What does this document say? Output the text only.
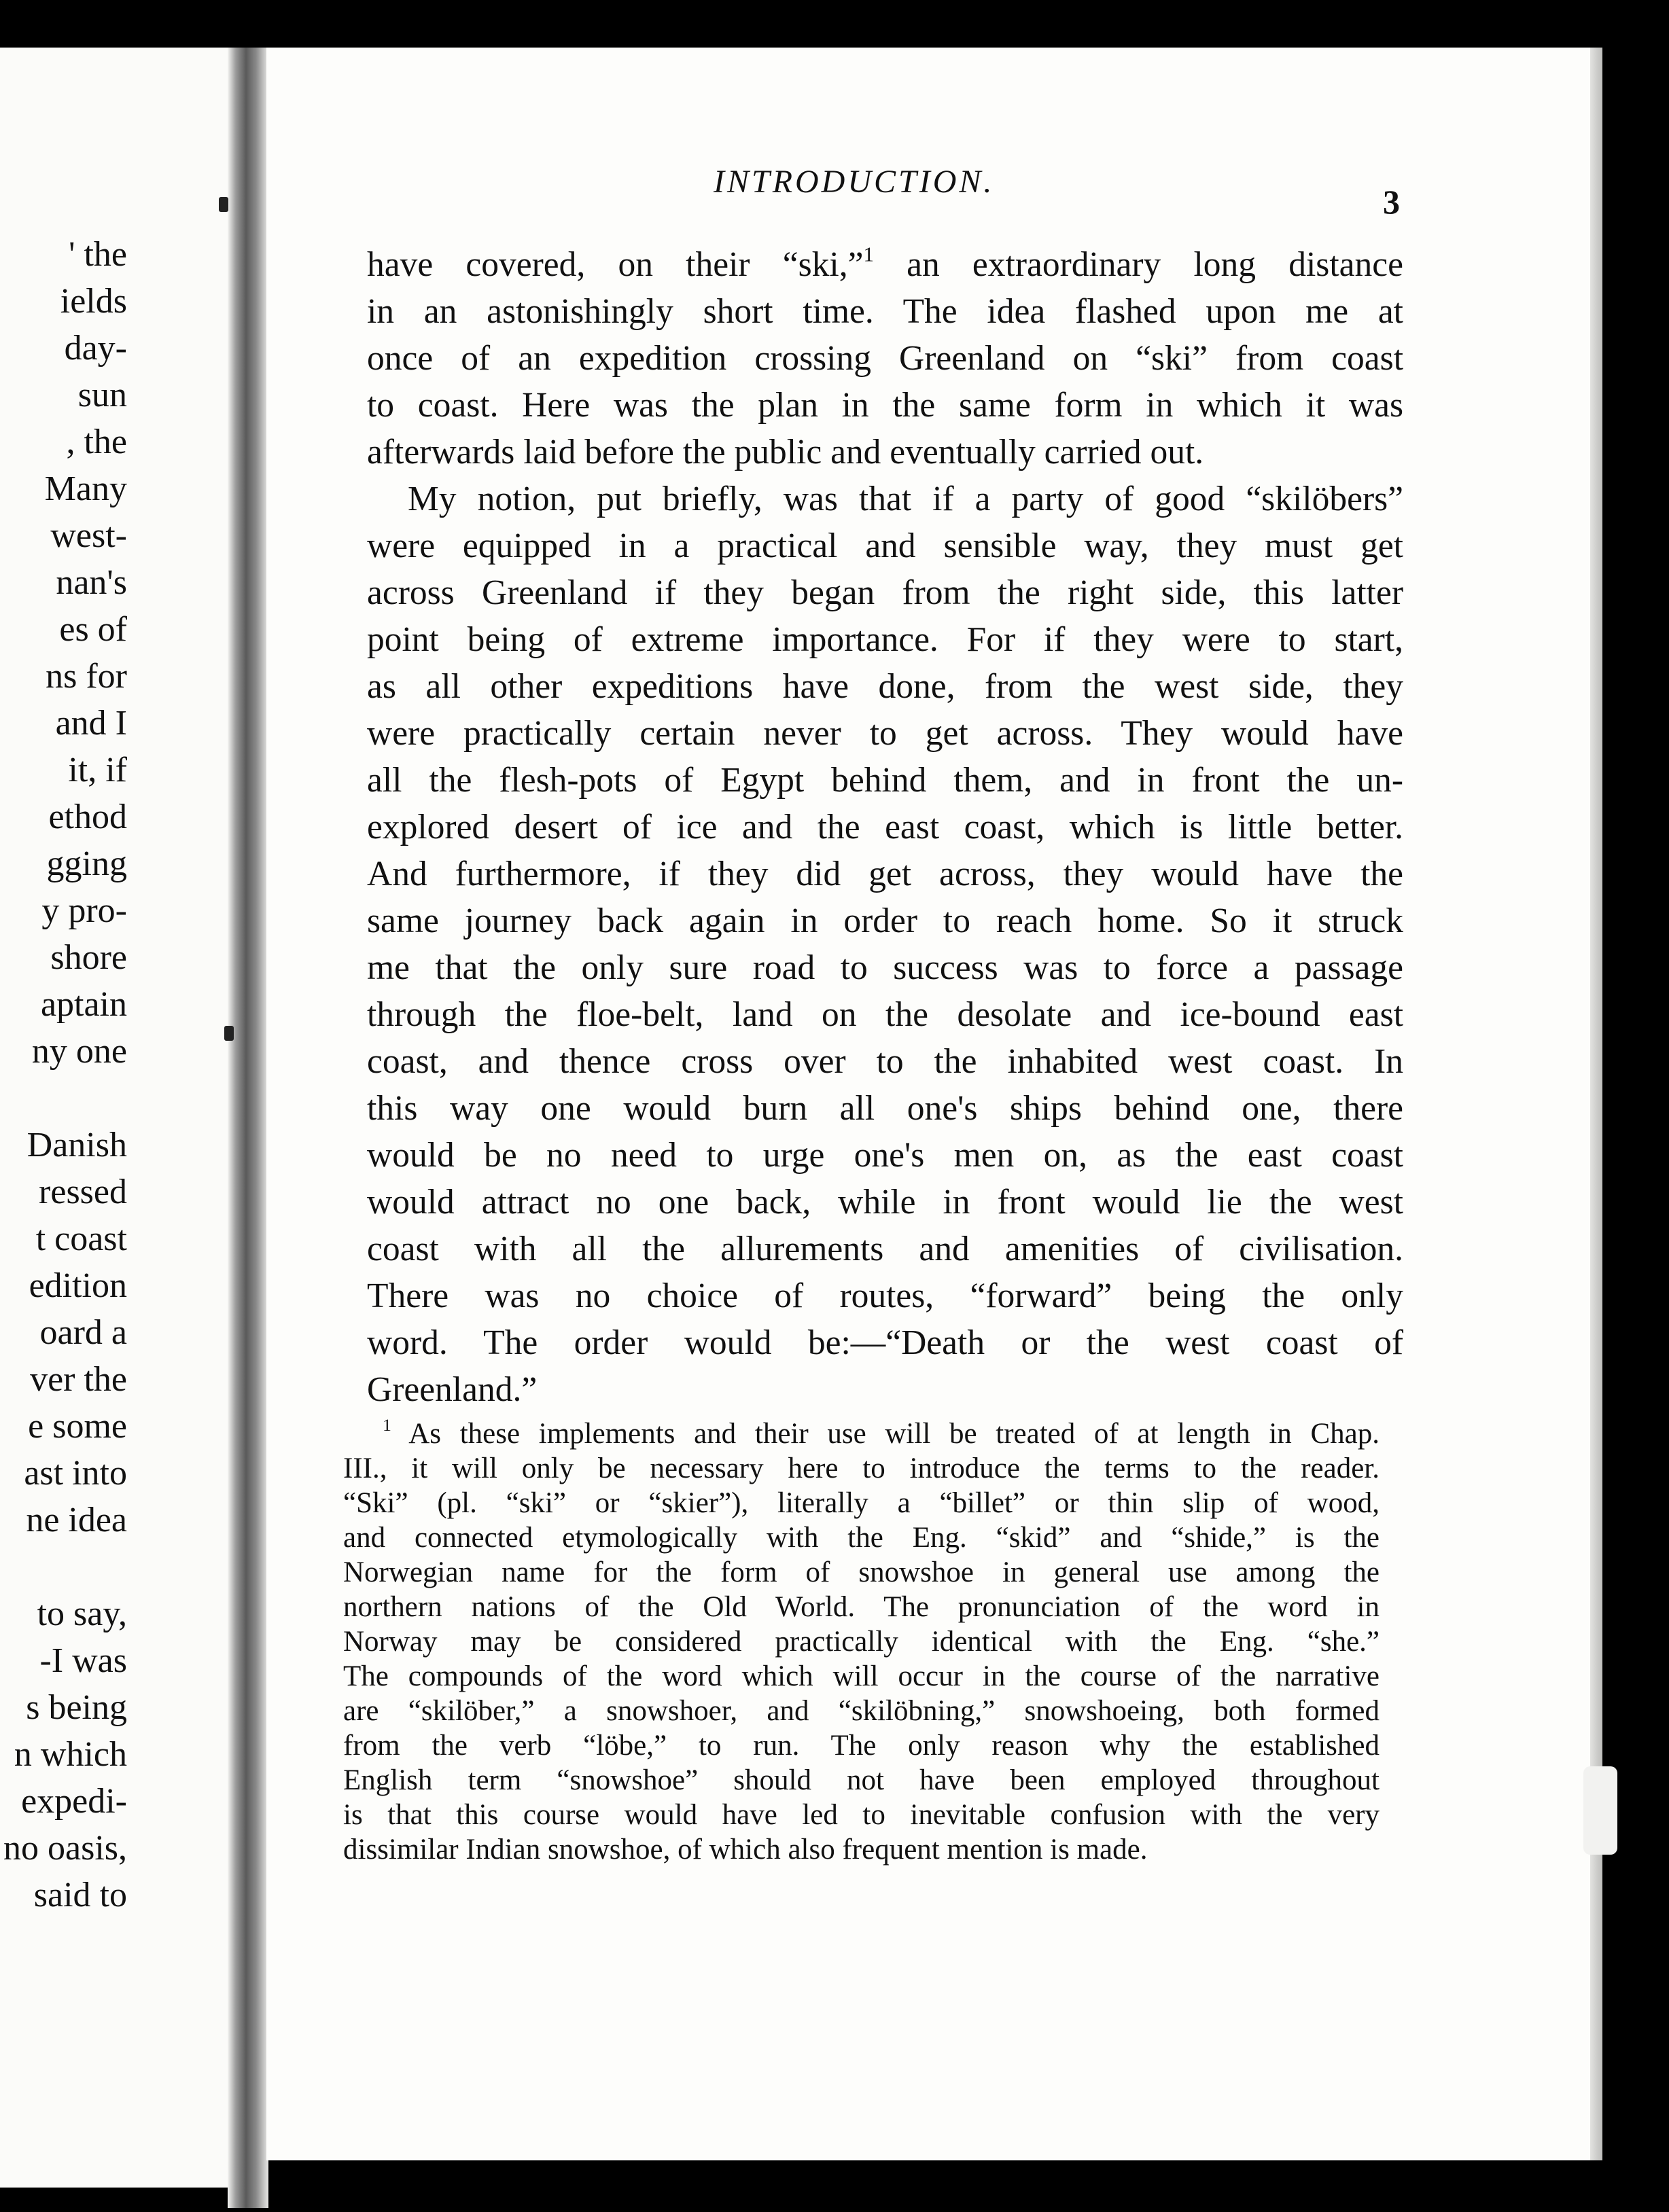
' the
ields
day-
sun
, the
Many
west-
nan's
es of
ns for
and I
it, if
ethod
gging
y pro-
shore
aptain
ny one
Danish
ressed
t coast
edition
oard a
ver the
e some
ast into
ne idea
to say,
-I was
s being
n which
expedi-
no oasis,
said to
INTRODUCTION.
3
have covered, on their “ski,”$^1$ an extraordinary long distance
in an astonishingly short time. The idea flashed upon me at
once of an expedition crossing Greenland on “ski” from coast
to coast. Here was the plan in the same form in which it was
afterwards laid before the public and eventually carried out.
My notion, put briefly, was that if a party of good “skilöbers”
were equipped in a practical and sensible way, they must get
across Greenland if they began from the right side, this latter
point being of extreme importance. For if they were to start,
as all other expeditions have done, from the west side, they
were practically certain never to get across. They would have
all the flesh-pots of Egypt behind them, and in front the un-
explored desert of ice and the east coast, which is little better.
And furthermore, if they did get across, they would have the
same journey back again in order to reach home. So it struck
me that the only sure road to success was to force a passage
through the floe-belt, land on the desolate and ice-bound east
coast, and thence cross over to the inhabited west coast. In
this way one would burn all one's ships behind one, there
would be no need to urge one's men on, as the east coast
would attract no one back, while in front would lie the west
coast with all the allurements and amenities of civilisation.
There was no choice of routes, “forward” being the only
word. The order would be:—“Death or the west coast of
Greenland.”
$^1$ As these implements and their use will be treated of at length in Chap.
III., it will only be necessary here to introduce the terms to the reader.
“Ski” (pl. “ski” or “skier”), literally a “billet” or thin slip of wood,
and connected etymologically with the Eng. “skid” and “shide,” is the
Norwegian name for the form of snowshoe in general use among the
northern nations of the Old World. The pronunciation of the word in
Norway may be considered practically identical with the Eng. “she.”
The compounds of the word which will occur in the course of the narrative
are “skilöber,” a snowshoer, and “skilöbning,” snowshoeing, both formed
from the verb “löbe,” to run. The only reason why the established
English term “snowshoe” should not have been employed throughout
is that this course would have led to inevitable confusion with the very
dissimilar Indian snowshoe, of which also frequent mention is made.
